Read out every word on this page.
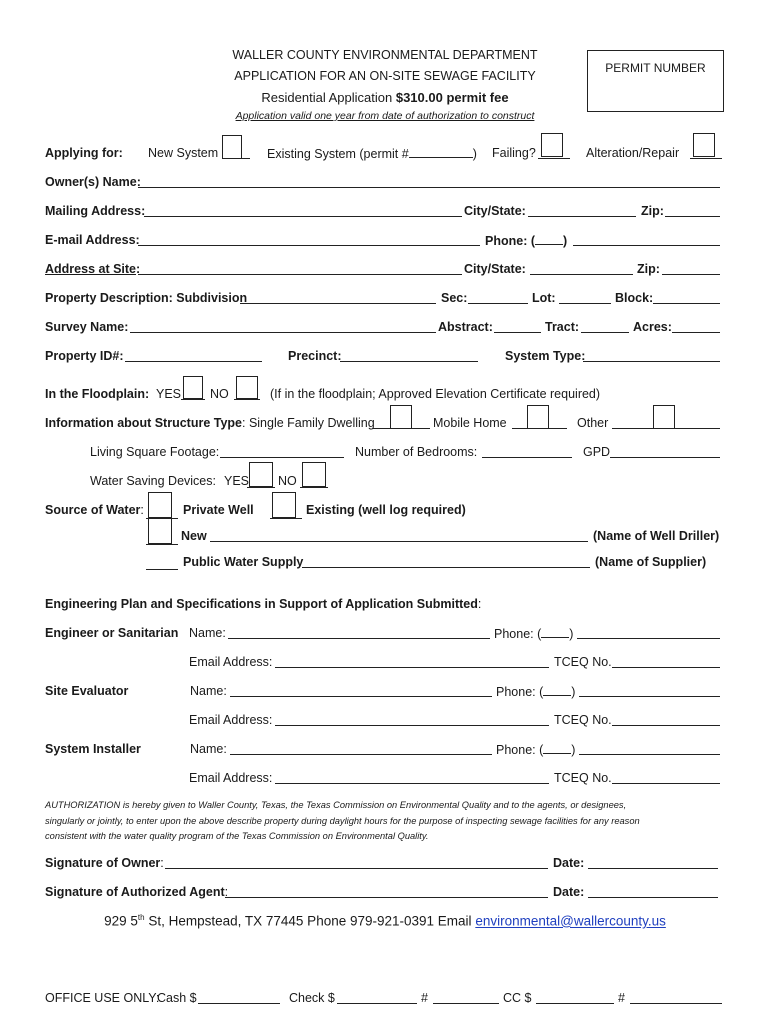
WALLER COUNTY ENVIRONMENTAL DEPARTMENT
APPLICATION FOR AN ON-SITE SEWAGE FACILITY
Residential Application $310.00 permit fee
Application valid one year from date of authorization to construct
PERMIT NUMBER
Applying for: New System	Existing System (permit #	) Failing?	Alteration/Repair
Owner(s) Name:
Mailing Address:	City/State:	Zip:
E-mail Address:	Phone: ( )
Address at Site:	City/State:	Zip:
Property Description: Subdivision	Sec:	Lot:	Block:
Survey Name:	Abstract:	Tract:	Acres:
Property ID#:	Precinct:	System Type:
In the Floodplain: YES NO	(If in the floodplain; Approved Elevation Certificate required)
Information about Structure Type: Single Family Dwelling	Mobile Home	Other
Living Square Footage:	Number of Bedrooms:	GPD
Water Saving Devices: YES NO
Source of Water:	Private Well	Existing (well log required)
New	(Name of Well Driller)
Public Water Supply	(Name of Supplier)
Engineering Plan and Specifications in Support of Application Submitted:
Engineer or Sanitarian Name:	Phone: ( )
Email Address:	TCEQ No.
Site Evaluator	Name:	Phone: ( )
Email Address:	TCEQ No.
System Installer	Name:	Phone: ( )
Email Address:	TCEQ No.
AUTHORIZATION is hereby given to Waller County, Texas, the Texas Commission on Environmental Quality and to the agents, or designees,
singularly or jointly, to enter upon the above describe property during daylight hours for the purpose of inspecting sewage facilities for any reason
consistent with the water quality program of the Texas Commission on Environmental Quality.
Signature of Owner:	Date:
Signature of Authorized Agent:	Date:
929 5th St, Hempstead, TX 77445 Phone 979-921-0391 Email environmental@wallercounty.us
OFFICE USE ONLY:
Cash $	Check $	#	CC $	#
